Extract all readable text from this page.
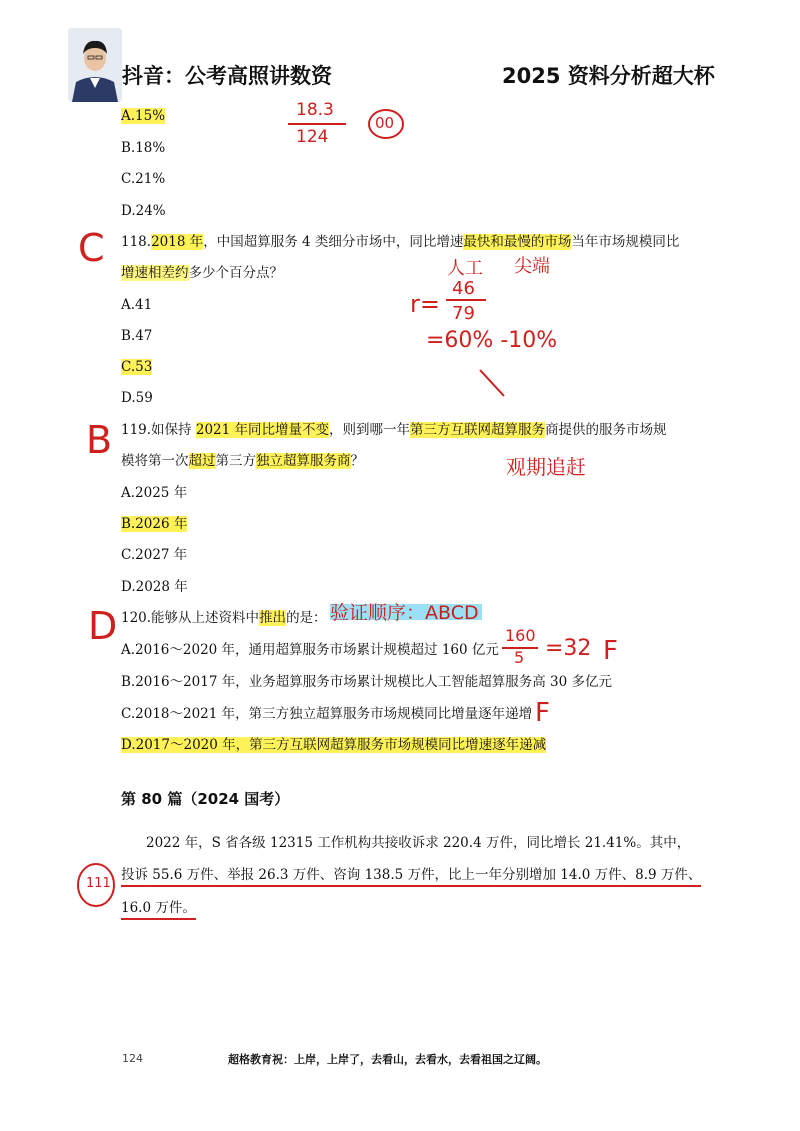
抖音：公考高照讲数资	2025 资料分析超大杯
A.15%
B.18%
C.21%
D.24%
118.2018 年，中国超算服务 4 类细分市场中，同比增速最快和最慢的市场当年市场规模同比
增速相差约多少个百分点？
A.41
B.47
C.53
D.59
119.如保持 2021 年同比增量不变，则到哪一年第三方互联网超算服务商提供的服务市场规
模将第一次超过第三方独立超算服务商？
A.2025 年
B.2026 年
C.2027 年
D.2028 年
120.能够从上述资料中推出的是：
A.2016～2020 年，通用超算服务市场累计规模超过 160 亿元
B.2016～2017 年，业务超算服务市场累计规模比人工智能超算服务高 30 多亿元
C.2018～2021 年，第三方独立超算服务市场规模同比增量逐年递增
D.2017～2020 年，第三方互联网超算服务市场规模同比增速逐年递减
第 80 篇（2024 国考）
2022 年，S 省各级 12315 工作机构共接收诉求 220.4 万件，同比增长 21.41%。其中，
投诉 55.6 万件、举报 26.3 万件、咨询 138.5 万件，比上一年分别增加 14.0 万件、8.9 万件、
16.0 万件。
124	超格教育祝：上岸，上岸了，去看山，去看水，去看祖国之辽阔。
18.3
124
00
C	人工 尖端
r=
46
79
=60% -10%
B
观期追赶
验证顺序：ABCD
D	160
5 =32 F
F
111
